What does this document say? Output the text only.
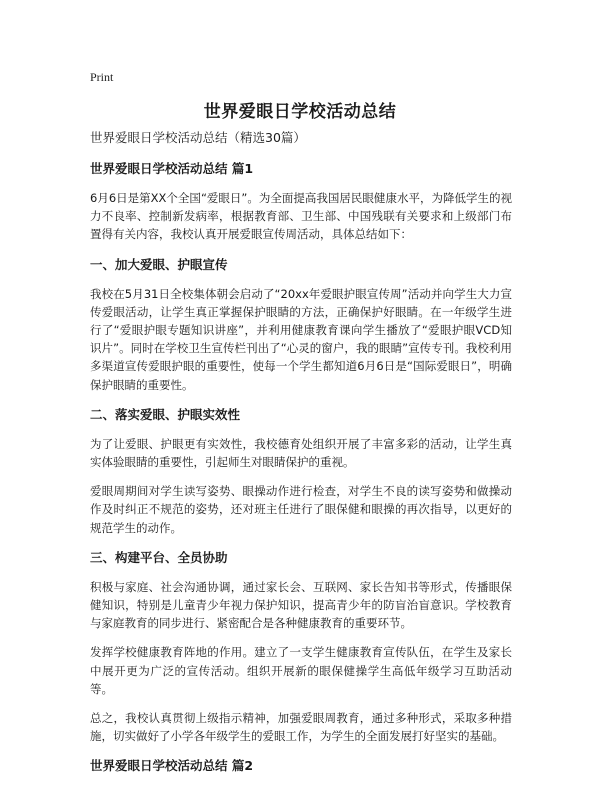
Print
世界爱眼日学校活动总结
世界爱眼日学校活动总结（精选30篇）
世界爱眼日学校活动总结 篇1

6月6日是第XX个全国“爱眼日”。为全面提高我国居民眼健康水平，为降低学生的视力不良率、控制新发病率，根据教育部、卫生部、中国残联有关要求和上级部门布置得有关内容，我校认真开展爱眼宣传周活动，具体总结如下：

一、加大爱眼、护眼宣传

我校在5月31日全校集体朝会启动了“20xx年爱眼护眼宣传周”活动并向学生大力宣传爱眼活动，让学生真正掌握保护眼睛的方法，正确保护好眼睛。在一年级学生进行了“爱眼护眼专题知识讲座”，并利用健康教育课向学生播放了“爱眼护眼VCD知识片”。同时在学校卫生宣传栏刊出了“心灵的窗户，我的眼睛”宣传专刊。我校利用多渠道宣传爱眼护眼的重要性，使每一个学生都知道6月6日是“国际爱眼日”，明确保护眼睛的重要性。

二、落实爱眼、护眼实效性

为了让爱眼、护眼更有实效性，我校德育处组织开展了丰富多彩的活动，让学生真实体验眼睛的重要性，引起师生对眼睛保护的重视。

爱眼周期间对学生读写姿势、眼操动作进行检查，对学生不良的读写姿势和做操动作及时纠正不规范的姿势，还对班主任进行了眼保健和眼操的再次指导，以更好的规范学生的动作。

三、构建平台、全员协助

积极与家庭、社会沟通协调，通过家长会、互联网、家长告知书等形式，传播眼保健知识，特别是儿童青少年视力保护知识，提高青少年的防盲治盲意识。学校教育与家庭教育的同步进行、紧密配合是各种健康教育的重要环节。

发挥学校健康教育阵地的作用。建立了一支学生健康教育宣传队伍，在学生及家长中展开更为广泛的宣传活动。组织开展新的眼保健操学生高低年级学习互助活动等。

总之，我校认真贯彻上级指示精神，加强爱眼周教育，通过多种形式，采取多种措施，切实做好了小学各年级学生的爱眼工作，为学生的全面发展打好坚实的基础。

世界爱眼日学校活动总结 篇2
